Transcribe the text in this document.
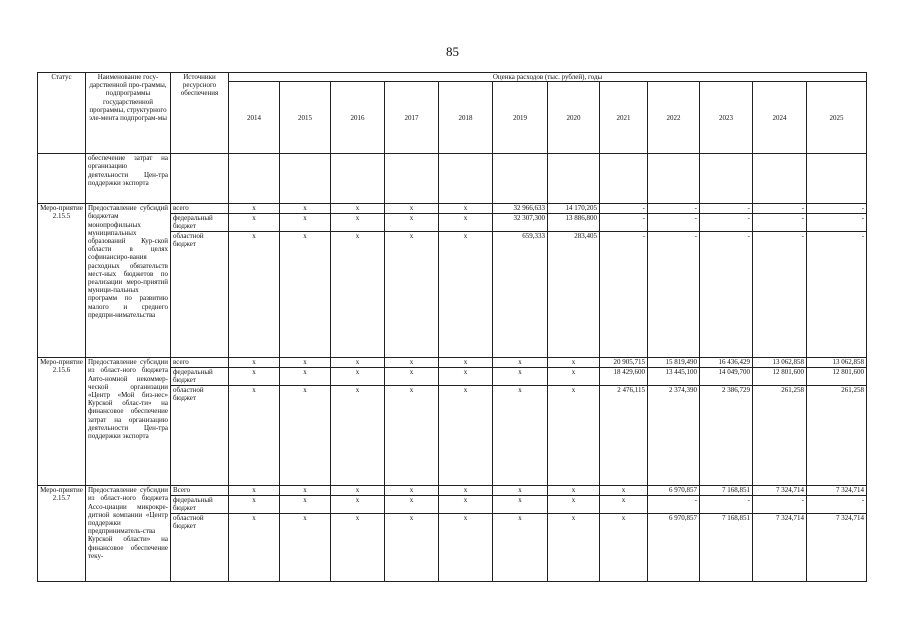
85
Статус	Наименование госу-дарственной про-граммы, подпрограммы государственной программы, структурного эле-мента подпрограм-мы	Источники ресурсного обеспечения	Оценка расходов (тыс. рублей), годы											
			2014	2015	2016	2017	2018	2019	2020	2021	2022	2023	2024	2025
	обеспечение затрат на организацию деятельности Цен-тра поддержки экспорта													
Меро-приятие 2.15.5	Предоставление субсидий бюджетам монопрофильных муниципальных образований Кур-ской области в целях софинансиро-вания расходных обязательств мест-ных бюджетов по реализации меро-приятий муници-пальных программ по развитию малого и среднего предпри-нимательства	всего	x	x	x	x	x	32 966,633	14 170,205	-	-	-	-	-
		федеральный бюджет	x	x	x	x	x	32 307,300	13 886,800	-	-	-	-	-
		областной бюджет	x	x	x	x	x	659,333	283,405	-	-	-	-	-
Меро-приятие 2.15.6	Предоставление субсидии из област-ного бюджета Авто-номной некоммер-ческой организации «Центр «Мой биз-нес» Курской облас-ти» на финансовое обеспечение затрат на организацию деятельности Цен-тра поддержки экспорта	всего	x	x	x	x	x	x	x	20 905,715	15 819,490	16 436,429	13 062,858	13 062,858
		федеральный бюджет	x	x	x	x	x	x	x	18 429,600	13 445,100	14 049,700	12 801,600	12 801,600
		областной бюджет	x	x	x	x	x	x	x	2 476,115	2 374,390	2 386,729	261,258	261,258
Меро-приятие 2.15.7	Предоставление субсидии из област-ного бюджета Ассо-циации микрокре-дитной компании «Центр поддержки предприниматель-ства Курской области» на финансовое обеспечение теку-	Всего	x	x	x	x	x	x	x	x	6 970,857	7 168,851	7 324,714	7 324,714
		федеральный бюджет	x	x	x	x	x	x	x	x	-	-	-	-
		областной бюджет	x	x	x	x	x	x	x	x	6 970,857	7 168,851	7 324,714	7 324,714
